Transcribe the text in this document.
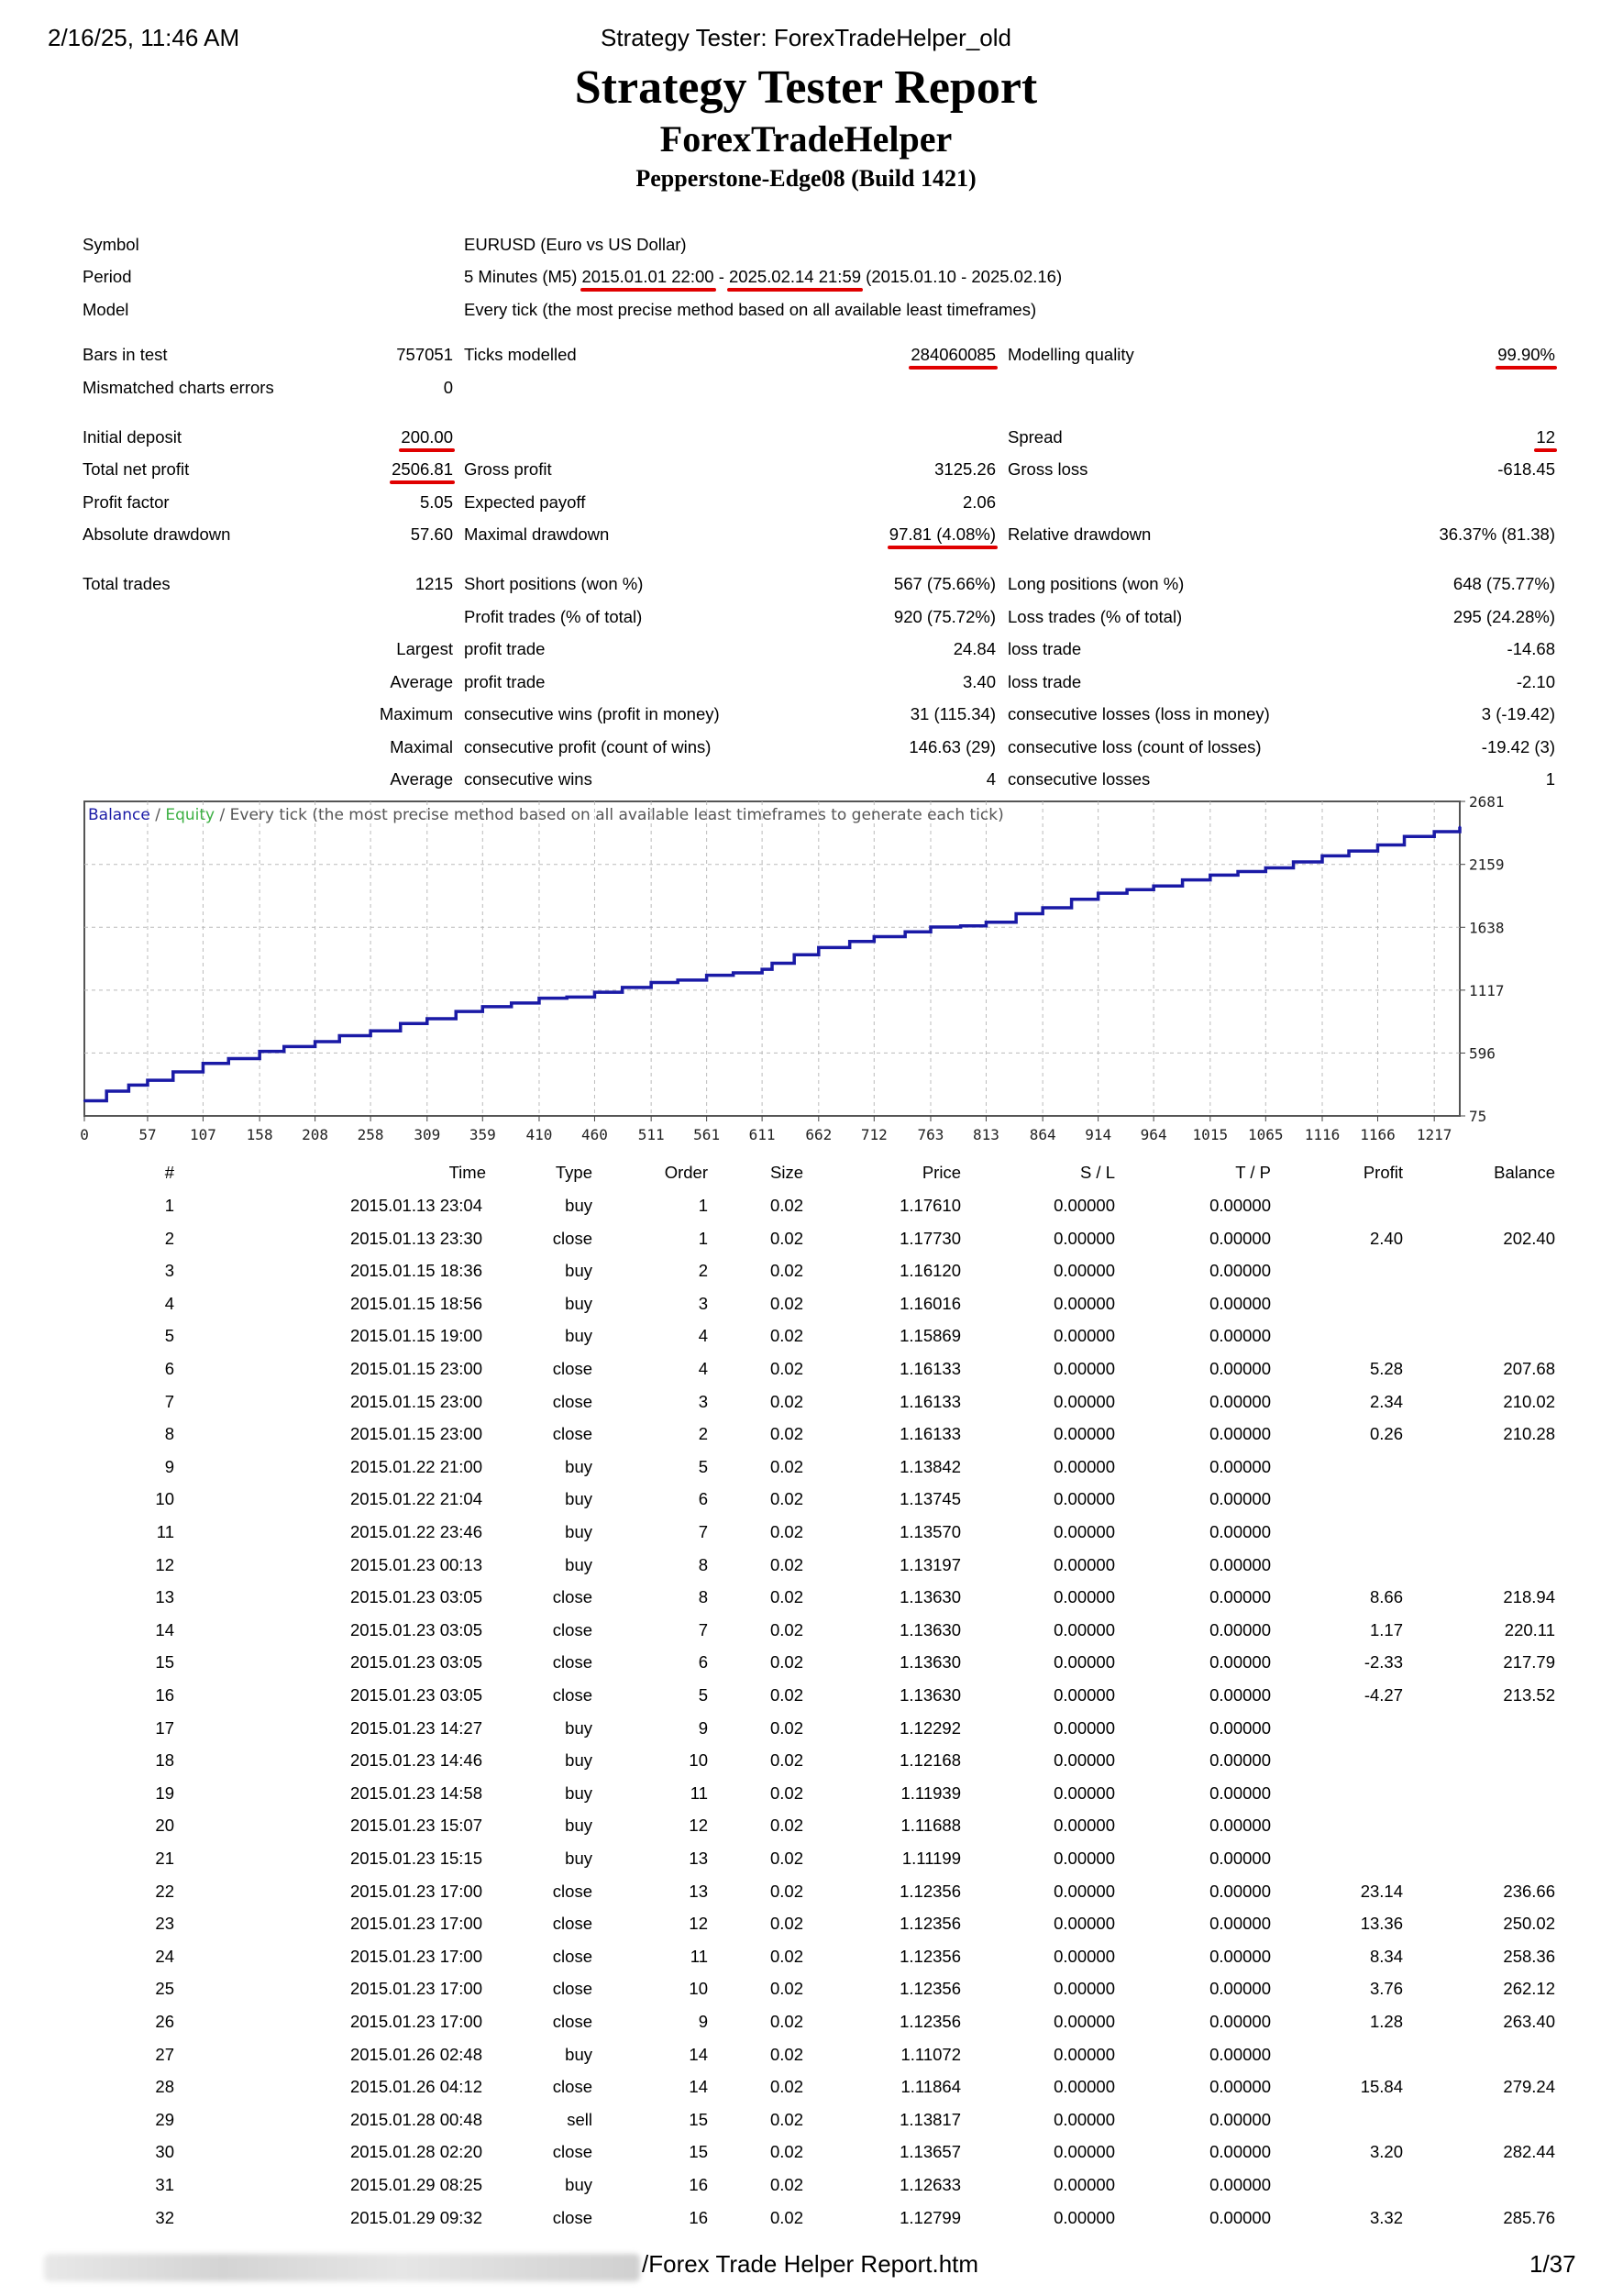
2/16/25, 11:46 AM	Strategy Tester: ForexTradeHelper_old
Strategy Tester Report
ForexTradeHelper
Pepperstone-Edge08 (Build 1421)
Symbol	EURUSD (Euro vs US Dollar)
Period	5 Minutes (M5) 2015.01.01 22:00 - 2025.02.14 21:59 (2015.01.10 - 2025.02.16)
Model	Every tick (the most precise method based on all available least timeframes)
Bars in test	757051 Ticks modelled	284060085 Modelling quality	99.90%
Mismatched charts errors	0
Initial deposit	200.00	Spread	12
Total net profit	2506.81 Gross profit	3125.26 Gross loss	-618.45
Profit factor	5.05 Expected payoff	2.06
Absolute drawdown	57.60 Maximal drawdown	97.81 (4.08%) Relative drawdown	36.37% (81.38)
Total trades	1215 Short positions (won %)	567 (75.66%) Long positions (won %)	648 (75.77%)
Profit trades (% of total)	920 (75.72%) Loss trades (% of total)	295 (24.28%)
Largest profit trade	24.84 loss trade	-14.68
Average profit trade	3.40 loss trade	-2.10
Maximum consecutive wins (profit in money)	31 (115.34) consecutive losses (loss in money)	3 (-19.42)
Maximal consecutive profit (count of wins)	146.63 (29) consecutive loss (count of losses)	-19.42 (3)
Average consecutive wins	4 consecutive losses	1
2681
2159
1638
1117
596
75
0	57 107 158 208 258 309 359 410 460 511 561 611 662 712 763 813 864 914 964 1015 1065 1116 1166 1217
Balance / Equity / Every tick (the most precise method based on all available least timeframes to generate each tick)
#	Time	Type	Order	Size	Price	S / L	T / P	Profit	Balance
1	2015.01.13 23:04	buy	1	0.02	1.17610	0.00000	0.00000
2	2015.01.13 23:30	close	1	0.02	1.17730	0.00000	0.00000	2.40	202.40
3	2015.01.15 18:36	buy	2	0.02	1.16120	0.00000	0.00000
4	2015.01.15 18:56	buy	3	0.02	1.16016	0.00000	0.00000
5	2015.01.15 19:00	buy	4	0.02	1.15869	0.00000	0.00000
6	2015.01.15 23:00	close	4	0.02	1.16133	0.00000	0.00000	5.28	207.68
7	2015.01.15 23:00	close	3	0.02	1.16133	0.00000	0.00000	2.34	210.02
8	2015.01.15 23:00	close	2	0.02	1.16133	0.00000	0.00000	0.26	210.28
9	2015.01.22 21:00	buy	5	0.02	1.13842	0.00000	0.00000
10	2015.01.22 21:04	buy	6	0.02	1.13745	0.00000	0.00000
11	2015.01.22 23:46	buy	7	0.02	1.13570	0.00000	0.00000
12	2015.01.23 00:13	buy	8	0.02	1.13197	0.00000	0.00000
13	2015.01.23 03:05	close	8	0.02	1.13630	0.00000	0.00000	8.66	218.94
14	2015.01.23 03:05	close	7	0.02	1.13630	0.00000	0.00000	1.17	220.11
15	2015.01.23 03:05	close	6	0.02	1.13630	0.00000	0.00000	-2.33	217.79
16	2015.01.23 03:05	close	5	0.02	1.13630	0.00000	0.00000	-4.27	213.52
17	2015.01.23 14:27	buy	9	0.02	1.12292	0.00000	0.00000
18	2015.01.23 14:46	buy	10	0.02	1.12168	0.00000	0.00000
19	2015.01.23 14:58	buy	11	0.02	1.11939	0.00000	0.00000
20	2015.01.23 15:07	buy	12	0.02	1.11688	0.00000	0.00000
21	2015.01.23 15:15	buy	13	0.02	1.11199	0.00000	0.00000
22	2015.01.23 17:00	close	13	0.02	1.12356	0.00000	0.00000	23.14	236.66
23	2015.01.23 17:00	close	12	0.02	1.12356	0.00000	0.00000	13.36	250.02
24	2015.01.23 17:00	close	11	0.02	1.12356	0.00000	0.00000	8.34	258.36
25	2015.01.23 17:00	close	10	0.02	1.12356	0.00000	0.00000	3.76	262.12
26	2015.01.23 17:00	close	9	0.02	1.12356	0.00000	0.00000	1.28	263.40
27	2015.01.26 02:48	buy	14	0.02	1.11072	0.00000	0.00000
28	2015.01.26 04:12	close	14	0.02	1.11864	0.00000	0.00000	15.84	279.24
29	2015.01.28 00:48	sell	15	0.02	1.13817	0.00000	0.00000
30	2015.01.28 02:20	close	15	0.02	1.13657	0.00000	0.00000	3.20	282.44
31	2015.01.29 08:25	buy	16	0.02	1.12633	0.00000	0.00000
32	2015.01.29 09:32	close	16	0.02	1.12799	0.00000	0.00000	3.32	285.76
/Forex Trade Helper Report.htm	1/37
